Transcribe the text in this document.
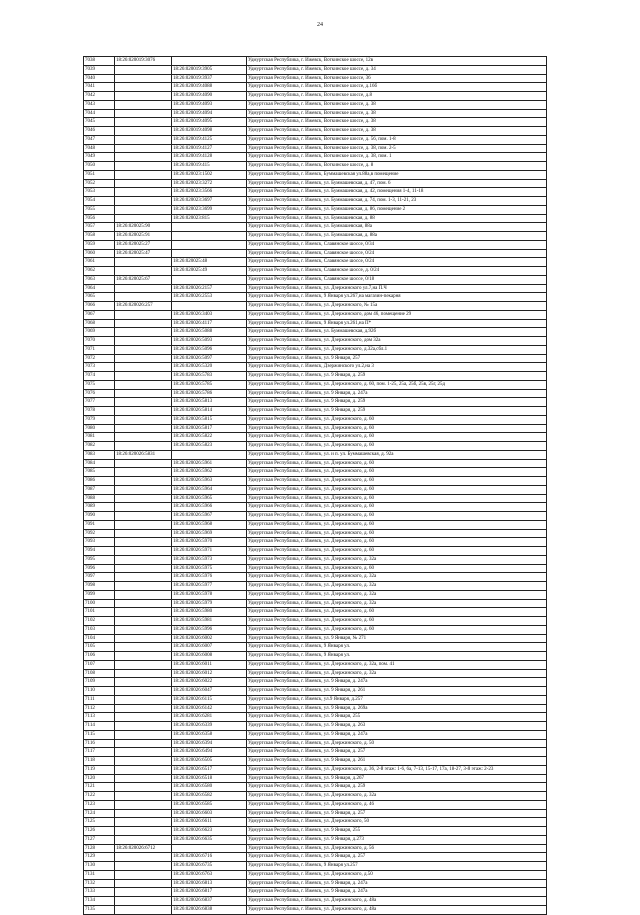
24
7038	18:26:020019:3076		Удмуртская Республика, г. Ижевск, Воткинское шоссе, 12в
7039		18:26:020019:3905	Удмуртская Республика, г. Ижевск, Воткинское шоссе, д. 34
7040		18:26:020019:3937	Удмуртская Республика, г. Ижевск, Воткинское шоссе, 36
7041		18:26:020019:4088	Удмуртская Республика, г. Ижевск, Воткинское шоссе, д.16б
7042		18:26:020019:4090	Удмуртская Республика, г. Ижевск, Воткинское шоссе, д.8
7043		18:26:020019:4093	Удмуртская Республика, г. Ижевск, Воткинское шоссе, д. 38
7044		18:26:020019:4094	Удмуртская Республика, г. Ижевск, Воткинское шоссе, д. 38
7045		18:26:020019:4095	Удмуртская Республика, г. Ижевск, Воткинское шоссе, д. 38
7046		18:26:020019:4098	Удмуртская Республика, г. Ижевск, Воткинское шоссе, д. 38
7047		18:26:020019:4125	Удмуртская Республика, г. Ижевск, Воткинское шоссе, д. 56, пом. 1-8
7048		18:26:020019:4127	Удмуртская Республика, г. Ижевск, Воткинское шоссе, д. 38, пом. 2-5
7049		18:26:020019:4128	Удмуртская Республика, г. Ижевск, Воткинское шоссе, д. 38, пом. 1
7050		18:26:020019:415	Удмуртская Республика, г. Ижевск, Воткинское шоссе, д. 8
7051		18:26:020023:1502	Удмуртская Республика, г. Ижевск, Буммашевская ул.88а,в помещение
7052		18:26:020023:3272	Удмуртская Республика, г. Ижевск, ул. Буммашевская, д. 47, пом. 6
7053		18:26:020023:3566	Удмуртская Республика, г. Ижевск, ул. Буммашевская, д. 42, помещения 1-4, 11-18
7054		18:26:020023:3697	Удмуртская Республика, г. Ижевск, ул. Буммашевская, д. 74, пом. 1-3, 11-21, 23
7055		18:26:020023:3699	Удмуртская Республика, г. Ижевск, ул. Буммашевская, д. 86, помещение 2
7056		18:26:020023:815	Удмуртская Республика, г. Ижевск, ул. Буммашевская, д. 88
7057	18:26:020025:90		Удмуртская Республика, г. Ижевск, ул. Буммашевская, 88а
7058	18:26:020025:91		Удмуртская Республика, г. Ижевск, ул. Буммашевская, д. 88а
7059	18:26:020025:27		Удмуртская Республика, г. Ижевск, Славянское шоссе, 0/34
7060	18:26:020025:47		Удмуртская Республика, г. Ижевск, Славянское шоссе, 0/24
7061		18:26:020025:48	Удмуртская Республика, г. Ижевск, Славянское шоссе, 0/24
7062		18:26:020025:49	Удмуртская Республика, г. Ижевск, Славянское шоссе, д. 0/24
7063	18:26:020025:67		Удмуртская Республика, г. Ижевск, Славянское шоссе, 0/18
7064		18:26:020026:2157	Удмуртская Республика, г. Ижевск, ул. Дзержинского ул.7,на П.Ч
7065		18:26:020026:2553	Удмуртская Республика, г. Ижевск, 9 Января ул.267,на магазин-пекарня
7066	18:26:020026:257		Удмуртская Республика, г. Ижевск, ул. Дзержинского, № 15а
7067		18:26:020026:3403	Удмуртская Республика, г. Ижевск, ул. Дзержинского, дом 46, помещение 29
7068		18:26:020026:4117	Удмуртская Республика, г. Ижевск, 9 Января ул.261,на П*
7069		18:26:020026:5088	Удмуртская Республика, г. Ижевск, ул. Буммашевская, д.92б
7070		18:26:020026:5093	Удмуртская Республика, г. Ижевск, ул. Дзержинского, дом 32а
7071		18:26:020026:5096	Удмуртская Республика, г. Ижевск, ул. Дзержинского, д.32а,сбл.1
7072		18:26:020026:5097	Удмуртская Республика, г. Ижевск, ул. 9 Января, 257
7073		18:26:020026:5320	Удмуртская Республика, г. Ижевск, Дзержинского ул.2,на 3
7074		18:26:020026:5783	Удмуртская Республика, г. Ижевск, ул. 9 Января, д. 259
7075		18:26:020026:5785	Удмуртская Республика, г. Ижевск, ул. Дзержинского, д. 60, пом. 1-25, 25а, 25б, 25в, 25г, 25д
7076		18:26:020026:5786	Удмуртская Республика, г. Ижевск, ул. 9 Января, д. 247а
7077		18:26:020026:5813	Удмуртская Республика, г. Ижевск, ул. 9 Января, д. 259
7078		18:26:020026:5814	Удмуртская Республика, г. Ижевск, ул. 9 Января, д. 259
7079		18:26:020026:5815	Удмуртская Республика, г. Ижевск, ул. Дзержинского, д. 60
7080		18:26:020026:5817	Удмуртская Республика, г. Ижевск, ул. Дзержинского, д. 60
7081		18:26:020026:5822	Удмуртская Республика, г. Ижевск, ул. Дзержинского, д. 60
7082		18:26:020026:5823	Удмуртская Республика, г. Ижевск, ул. Дзержинского, д. 60
7083	18:26:020026:5831		Удмуртская Республика, г. Ижевск, ул. и п. ул. Буммашевская, д. 92а
7084		18:26:020026:5961	Удмуртская Республика, г. Ижевск, ул. Дзержинского, д. 60
7085		18:26:020026:5962	Удмуртская Республика, г. Ижевск, ул. Дзержинского, д. 60
7086		18:26:020026:5963	Удмуртская Республика, г. Ижевск, ул. Дзержинского, д. 60
7087		18:26:020026:5964	Удмуртская Республика, г. Ижевск, ул. Дзержинского, д. 60
7088		18:26:020026:5965	Удмуртская Республика, г. Ижевск, ул. Дзержинского, д. 60
7089		18:26:020026:5966	Удмуртская Республика, г. Ижевск, ул. Дзержинского, д. 60
7090		18:26:020026:5967	Удмуртская Республика, г. Ижевск, ул. Дзержинского, д. 60
7091		18:26:020026:5968	Удмуртская Республика, г. Ижевск, ул. Дзержинского, д. 60
7092		18:26:020026:5969	Удмуртская Республика, г. Ижевск, ул. Дзержинского, д. 60
7093		18:26:020026:5970	Удмуртская Республика, г. Ижевск, ул. Дзержинского, д. 60
7094		18:26:020026:5971	Удмуртская Республика, г. Ижевск, ул. Дзержинского, д. 60
7095		18:26:020026:5973	Удмуртская Республика, г. Ижевск, ул. Дзержинского, д. 32а
7096		18:26:020026:5975	Удмуртская Республика, г. Ижевск, ул. Дзержинского, д. 60
7097		18:26:020026:5976	Удмуртская Республика, г. Ижевск, ул. Дзержинского, д. 32а
7098		18:26:020026:5977	Удмуртская Республика, г. Ижевск, ул. Дзержинского, д. 32а
7099		18:26:020026:5978	Удмуртская Республика, г. Ижевск, ул. Дзержинского, д. 32а
7100		18:26:020026:5979	Удмуртская Республика, г. Ижевск, ул. Дзержинского, д. 32а
7101		18:26:020026:5980	Удмуртская Республика, г. Ижевск, ул. Дзержинского, д. 60
7102		18:26:020026:5981	Удмуртская Республика, г. Ижевск, ул. Дзержинского, д. 60
7103		18:26:020026:5996	Удмуртская Республика, г. Ижевск, ул. Дзержинского, д. 60
7104		18:26:020026:6002	Удмуртская Республика, г. Ижевск, ул. 9 Января, № 271
7105		18:26:020026:6007	Удмуртская Республика, г. Ижевск, 9 Января ул.
7106		18:26:020026:6008	Удмуртская Республика, г. Ижевск, 9 Января ул.
7107		18:26:020026:6011	Удмуртская Республика, г. Ижевск, ул. Дзержинского, д. 32а, пом. 41
7108		18:26:020026:6012	Удмуртская Республика, г. Ижевск, ул. Дзержинского, д. 32а
7109		18:26:020026:6022	Удмуртская Республика, г. Ижевск, ул. 9 Января, д. 247а
7110		18:26:020026:6047	Удмуртская Республика, г. Ижевск, ул. 9 Января, д. 261
7111		18:26:020026:6115	Удмуртская Республика, г. Ижевск, ул.9 Января, д.257
7112		18:26:020026:6142	Удмуртская Республика, г. Ижевск, ул. 9 Января, д. 269а
7113		18:26:020026:6281	Удмуртская Республика, г. Ижевск, ул. 9 Января, 255
7114		18:26:020026:6339	Удмуртская Республика, г. Ижевск, ул. 9 Января, д. 263
7115		18:26:020026:6358	Удмуртская Республика, г. Ижевск, ул. 9 Января, д. 247а
7116		18:26:020026:6394	Удмуртская Республика, г. Ижевск, ул. Дзержинского, д. 50
7117		18:26:020026:6494	Удмуртская Республика, г. Ижевск, ул. 9 Января, д. 257
7118		18:26:020026:6505	Удмуртская Республика, г. Ижевск, ул. 9 Января, д. 261
7119		18:26:020026:6517	Удмуртская Республика, г. Ижевск, ул. Дзержинского, д. 36, 2-й этаж: 1-6, 6а, 7-13, 15-17, 17а, 18-27, 3-й этаж: 2-23
7120		18:26:020026:6518	Удмуртская Республика, г. Ижевск, ул. 9 Января, д.267
7121		18:26:020026:6580	Удмуртская Республика, г. Ижевск, ул. 9 Января, д. 259
7122		18:26:020026:6582	Удмуртская Республика, г. Ижевск, ул. Дзержинского, д. 32а
7123		18:26:020026:6585	Удмуртская Республика, г. Ижевск, ул. Дзержинского, д. 46
7124		18:26:020026:6603	Удмуртская Республика, г. Ижевск, ул. 9 Января, д. 257
7125		18:26:020026:6611	Удмуртская Республика, г. Ижевск, ул. Дзержинского, 50
7126		18:26:020026:6623	Удмуртская Республика, г. Ижевск, ул. 9 Января, 255
7127		18:26:020026:6635	Удмуртская Республика, г. Ижевск, ул. 9 Января, д.273
7128	18:26:020026:6712		Удмуртская Республика, г. Ижевск, ул. Дзержинского, д. 56
7129		18:26:020026:6716	Удмуртская Республика, г. Ижевск, ул. 9 Января, д. 257
7130		18:26:020026:6735	Удмуртская Республика, г. Ижевск, 9 Января ул.257
7131		18:26:020026:6763	Удмуртская Республика, г. Ижевск, ул. Дзержинского, д.50
7132		18:26:020026:6813	Удмуртская Республика, г. Ижевск, ул. 9 Января, д. 247а
7133		18:26:020026:6817	Удмуртская Республика, г. Ижевск, ул. 9 Января, д. 247а
7134		18:26:020026:6837	Удмуртская Республика, г. Ижевск, ул. Дзержинского, д. 48а
7135		18:26:020026:6838	Удмуртская Республика, г. Ижевск, ул. Дзержинского, д. 48а
